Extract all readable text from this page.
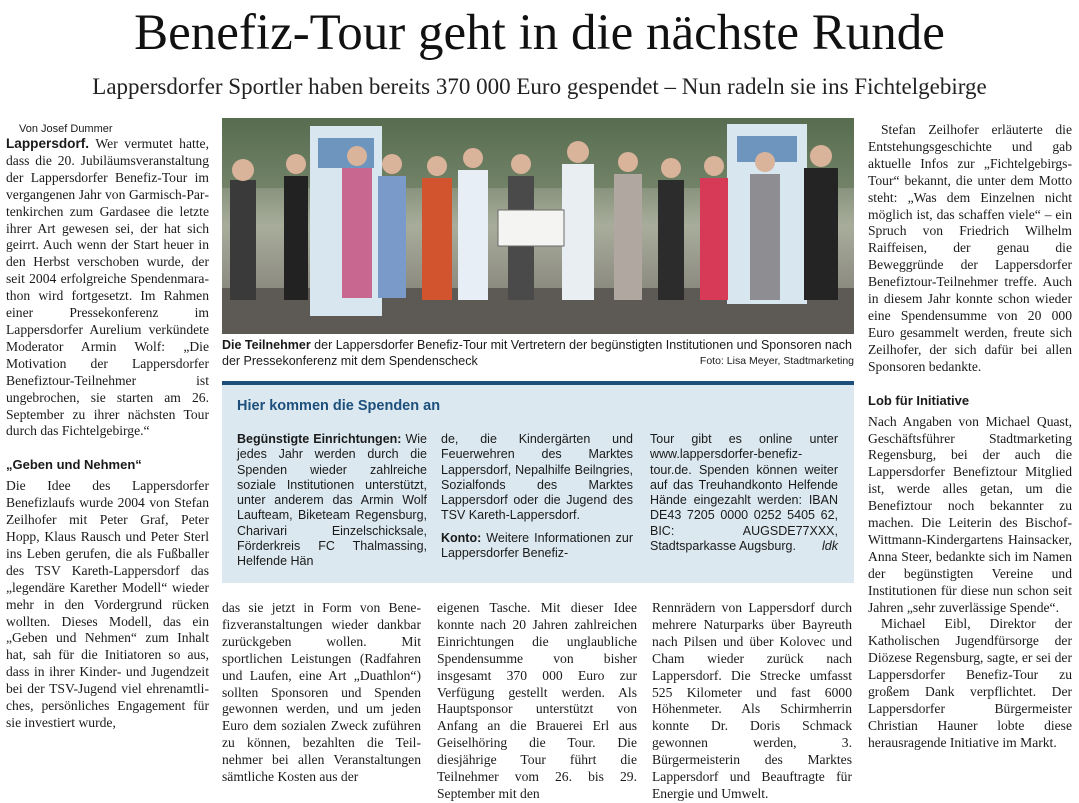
Benefiz-Tour geht in die nächste Runde
Lappersdorfer Sportler haben bereits 370 000 Euro gespendet – Nun radeln sie ins Fichtelgebirge

Von Josef Dummer

Lappersdorf. Wer vermutet hatte, dass die 20. Jubiläumsveranstaltung der Lappersdorfer Benefiz-Tour im vergangenen Jahr von Garmisch-Partenkirchen zum Gardasee die letzte ihrer Art gewesen sei, der hat sich geirrt. Auch wenn der Start heuer in den Herbst verschoben wurde, der seit 2004 erfolgreiche Spendenmarathon wird fortgesetzt. Im Rahmen einer Pressekonferenz im Lappersdorfer Aurelium verkündete Moderator Armin Wolf: „Die Motivation der Lappersdorfer Benefiztour-Teilnehmer ist ungebrochen, sie starten am 26. September zu ihrer nächsten Tour durch das Fichtelgebirge.“

„Geben und Nehmen“

Die Idee des Lappersdorfer Benefizlaufs wurde 2004 von Stefan Zeilhofer mit Peter Graf, Peter Hopp, Klaus Rausch und Peter Sterl ins Leben gerufen, die als Fußballer des TSV Kareth-Lappersdorf das „legendäre Karether Modell“ wieder mehr in den Vordergrund rücken wollten. Dieses Modell, das ein „Geben und Nehmen“ zum Inhalt hat, sah für die Initiatoren so aus, dass in ihrer Kinder- und Jugendzeit bei der TSV-Jugend viel ehrenamtliches, persönliches Engagement für sie investiert wurde,

Die Teilnehmer der Lappersdorfer Benefiz-Tour mit Vertretern der begünstigten Institutionen und Sponsoren nach der Pressekonferenz mit dem Spendenscheck	Foto: Lisa Meyer, Stadtmarketing
Hier kommen die Spenden an

Begünstigte Einrichtungen: Wie jedes Jahr werden durch die Spenden wieder zahlreiche soziale Institutionen unterstützt, unter anderem das Armin Wolf Laufteam, Biketeam Regensburg, Charivari Einzelschicksale, Förderkreis FC Thalmassing, Helfende Hän

de, die Kindergärten und Feuerwehren des Marktes Lappersdorf, Nepalhilfe Beilngries, Sozialfonds des Marktes Lappersdorf oder die Jugend des TSV Kareth-Lappersdorf.

Konto: Weitere Informationen zur Lappersdorfer Benefiz-

Tour gibt es online unter www.lappersdorfer-benefiztour.de. Spenden können weiter auf das Treuhandkonto Helfende Hände eingezahlt werden: IBAN DE43 7205 0000 0252 5405 62, BIC: AUGSDE77XXX, Stadtsparkasse Augsburg.	ldk

das sie jetzt in Form von Benefizveranstaltungen wieder dankbar zurückgeben wollen. Mit sportlichen Leistungen (Radfahren und Laufen, eine Art „Duathlon“) sollten Sponsoren und Spenden gewonnen werden, und um jeden Euro dem sozialen Zweck zuführen zu können, bezahlten die Teilnehmer bei allen Veranstaltungen sämtliche Kosten aus der

eigenen Tasche. Mit dieser Idee konnte nach 20 Jahren zahlreichen Einrichtungen die unglaubliche Spendensumme von bisher insgesamt 370 000 Euro zur Verfügung gestellt werden. Als Hauptsponsor unterstützt von Anfang an die Brauerei Erl aus Geiselhöring die Tour. Die diesjährige Tour führt die Teilnehmer vom 26. bis 29. September mit den

Rennrädern von Lappersdorf durch mehrere Naturparks über Bayreuth nach Pilsen und über Kolovec und Cham wieder zurück nach Lappersdorf. Die Strecke umfasst 525 Kilometer und fast 6000 Höhenmeter. Als Schirmherrin konnte Dr. Doris Schmack gewonnen werden, 3. Bürgermeisterin des Marktes Lappersdorf und Beauftragte für Energie und Umwelt.

Stefan Zeilhofer erläuterte die Entstehungsgeschichte und gab aktuelle Infos zur „Fichtelgebirgs-Tour“ bekannt, die unter dem Motto steht: „Was dem Einzelnen nicht möglich ist, das schaffen viele“ – ein Spruch von Friedrich Wilhelm Raiffeisen, der genau die Beweggründe der Lappersdorfer Benefiztour-Teilnehmer treffe. Auch in diesem Jahr konnte schon wieder eine Spendensumme von 20 000 Euro gesammelt werden, freute sich Zeilhofer, der sich dafür bei allen Sponsoren bedankte.

Lob für Initiative

Nach Angaben von Michael Quast, Geschäftsführer Stadtmarketing Regensburg, bei der auch die Lappersdorfer Benefiztour Mitglied ist, werde alles getan, um die Benefiztour noch bekannter zu machen. Die Leiterin des Bischof-Wittmann-Kindergartens Hainsacker, Anna Steer, bedankte sich im Namen der begünstigten Vereine und Institutionen für diese nun schon seit Jahren „sehr zuverlässige Spende“.

Michael Eibl, Direktor der Katholischen Jugendfürsorge der Diözese Regensburg, sagte, er sei der Lappersdorfer Benefiz-Tour zu großem Dank verpflichtet. Der Lappersdorfer Bürgermeister Christian Hauner lobte diese herausragende Initiative im Markt.
